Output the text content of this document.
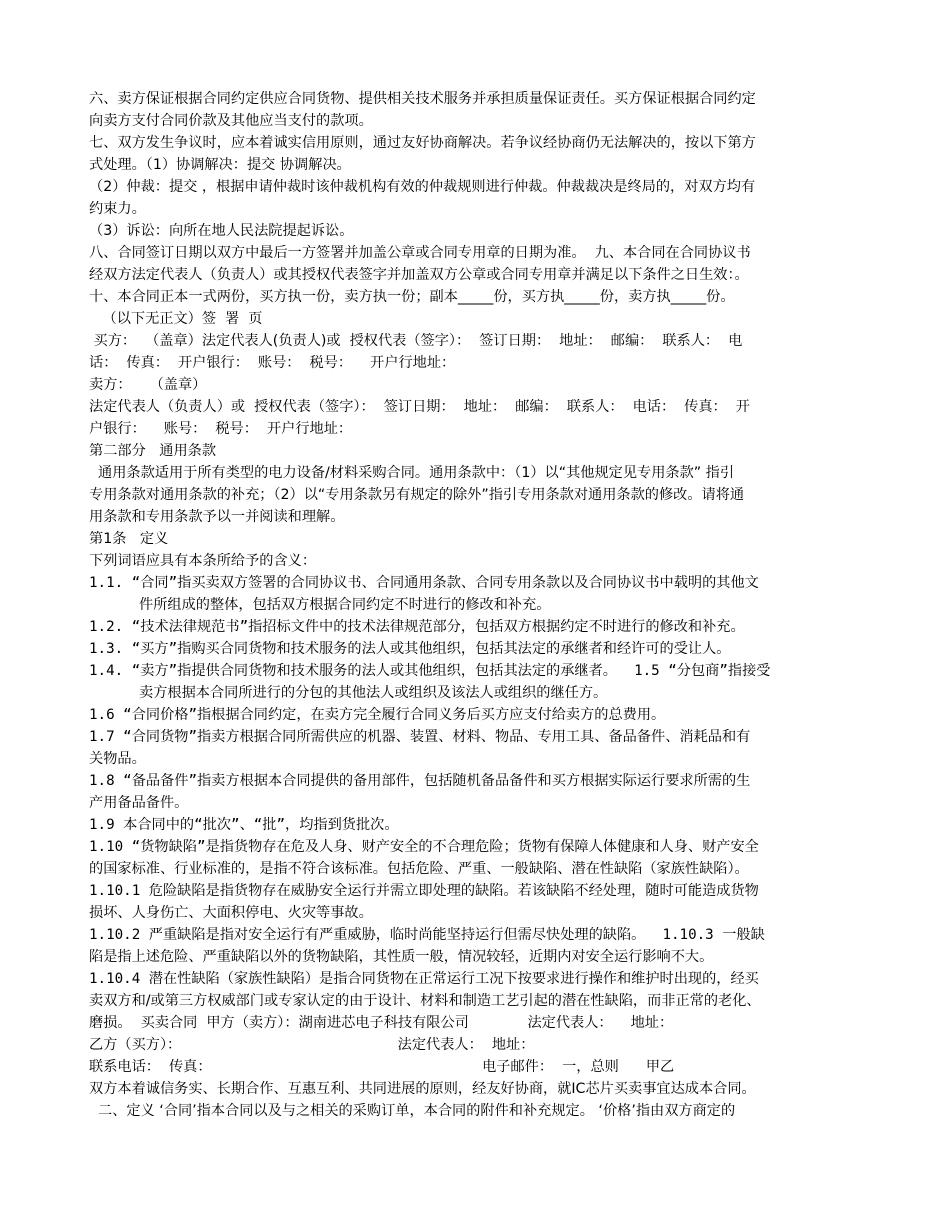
六、卖方保证根据合同约定供应合同货物、提供相关技术服务并承担质量保证责任。买方保证根据合同约定
向卖方支付合同价款及其他应当支付的款项。
七、双方发生争议时，应本着诚实信用原则，通过友好协商解决。若争议经协商仍无法解决的，按以下第方
式处理。（1）协调解决：提交 协调解决。
（2）仲裁：提交 ，根据申请仲裁时该仲裁机构有效的仲裁规则进行仲裁。仲裁裁决是终局的，对双方均有
约束力。
（3）诉讼：向所在地人民法院提起诉讼。
八、合同签订日期以双方中最后一方签署并加盖公章或合同专用章的日期为准。  九、本合同在合同协议书
经双方法定代表人（负责人）或其授权代表签字并加盖双方公章或合同专用章并满足以下条件之日生效：。
十、本合同正本一式两份，买方执一份，卖方执一份；副本_____份，买方执_____份，卖方执_____份。
（以下无正文）签  署  页
买方：  （盖章）法定代表人(负责人)或  授权代表（签字）：  签订日期：  地址：  邮编：  联系人：  电
话：  传真：  开户银行：  账号：  税号：    开户行地址：
卖方：    （盖章）
法定代表人（负责人）或  授权代表（签字）：  签订日期：  地址：  邮编：  联系人：  电话：  传真：  开
户银行：    账号：  税号：  开户行地址：
第二部分   通用条款
通用条款适用于所有类型的电力设备/材料采购合同。通用条款中：（1）以“其他规定见专用条款” 指引
专用条款对通用条款的补充；（2）以“专用条款另有规定的除外”指引专用条款对通用条款的修改。请将通
用条款和专用条款予以一并阅读和理解。
第1条   定义
下列词语应具有本条所给予的含义：
1.1. “合同”指买卖双方签署的合同协议书、合同通用条款、合同专用条款以及合同协议书中载明的其他文
件所组成的整体，包括双方根据合同约定不时进行的修改和补充。
1.2. “技术法律规范书”指招标文件中的技术法律规范部分，包括双方根据约定不时进行的修改和补充。
1.3. “买方”指购买合同货物和技术服务的法人或其他组织，包括其法定的承继者和经许可的受让人。
1.4. “卖方”指提供合同货物和技术服务的法人或其他组织，包括其法定的承继者。  1.5 “分包商”指接受
卖方根据本合同所进行的分包的其他法人或组织及该法人或组织的继任方。
1.6 “合同价格”指根据合同约定，在卖方完全履行合同义务后买方应支付给卖方的总费用。
1.7 “合同货物”指卖方根据合同所需供应的机器、装置、材料、物品、专用工具、备品备件、消耗品和有
关物品。
1.8 “备品备件”指卖方根据本合同提供的备用部件，包括随机备品备件和买方根据实际运行要求所需的生
产用备品备件。
1.9 本合同中的“批次”、“批”，均指到货批次。
1.10 “货物缺陷”是指货物存在危及人身、财产安全的不合理危险；货物有保障人体健康和人身、财产安全
的国家标准、行业标准的，是指不符合该标准。包括危险、严重、一般缺陷、潜在性缺陷（家族性缺陷）。
1.10.1 危险缺陷是指货物存在威胁安全运行并需立即处理的缺陷。若该缺陷不经处理，随时可能造成货物
损坏、人身伤亡、大面积停电、火灾等事故。
1.10.2 严重缺陷是指对安全运行有严重威胁，临时尚能坚持运行但需尽快处理的缺陷。  1.10.3 一般缺
陷是指上述危险、严重缺陷以外的货物缺陷，其性质一般，情况较轻，近期内对安全运行影响不大。
1.10.4 潜在性缺陷（家族性缺陷）是指合同货物在正常运行工况下按要求进行操作和维护时出现的，经买
卖双方和/或第三方权威部门或专家认定的由于设计、材料和制造工艺引起的潜在性缺陷，而非正常的老化、
磨损。  买卖合同  甲方（卖方）：湖南进芯电子科技有限公司             法定代表人：    地址：
乙方（买方）：                                                法定代表人：  地址：
联系电话：  传真：                                                            电子邮件：  一，总则      甲乙
双方本着诚信务实、长期合作、互惠互利、共同进展的原则，经友好协商，就IC芯片买卖事宜达成本合同。
二、定义 ‘合同’指本合同以及与之相关的采购订单，本合同的附件和补充规定。 ‘价格’指由双方商定的
